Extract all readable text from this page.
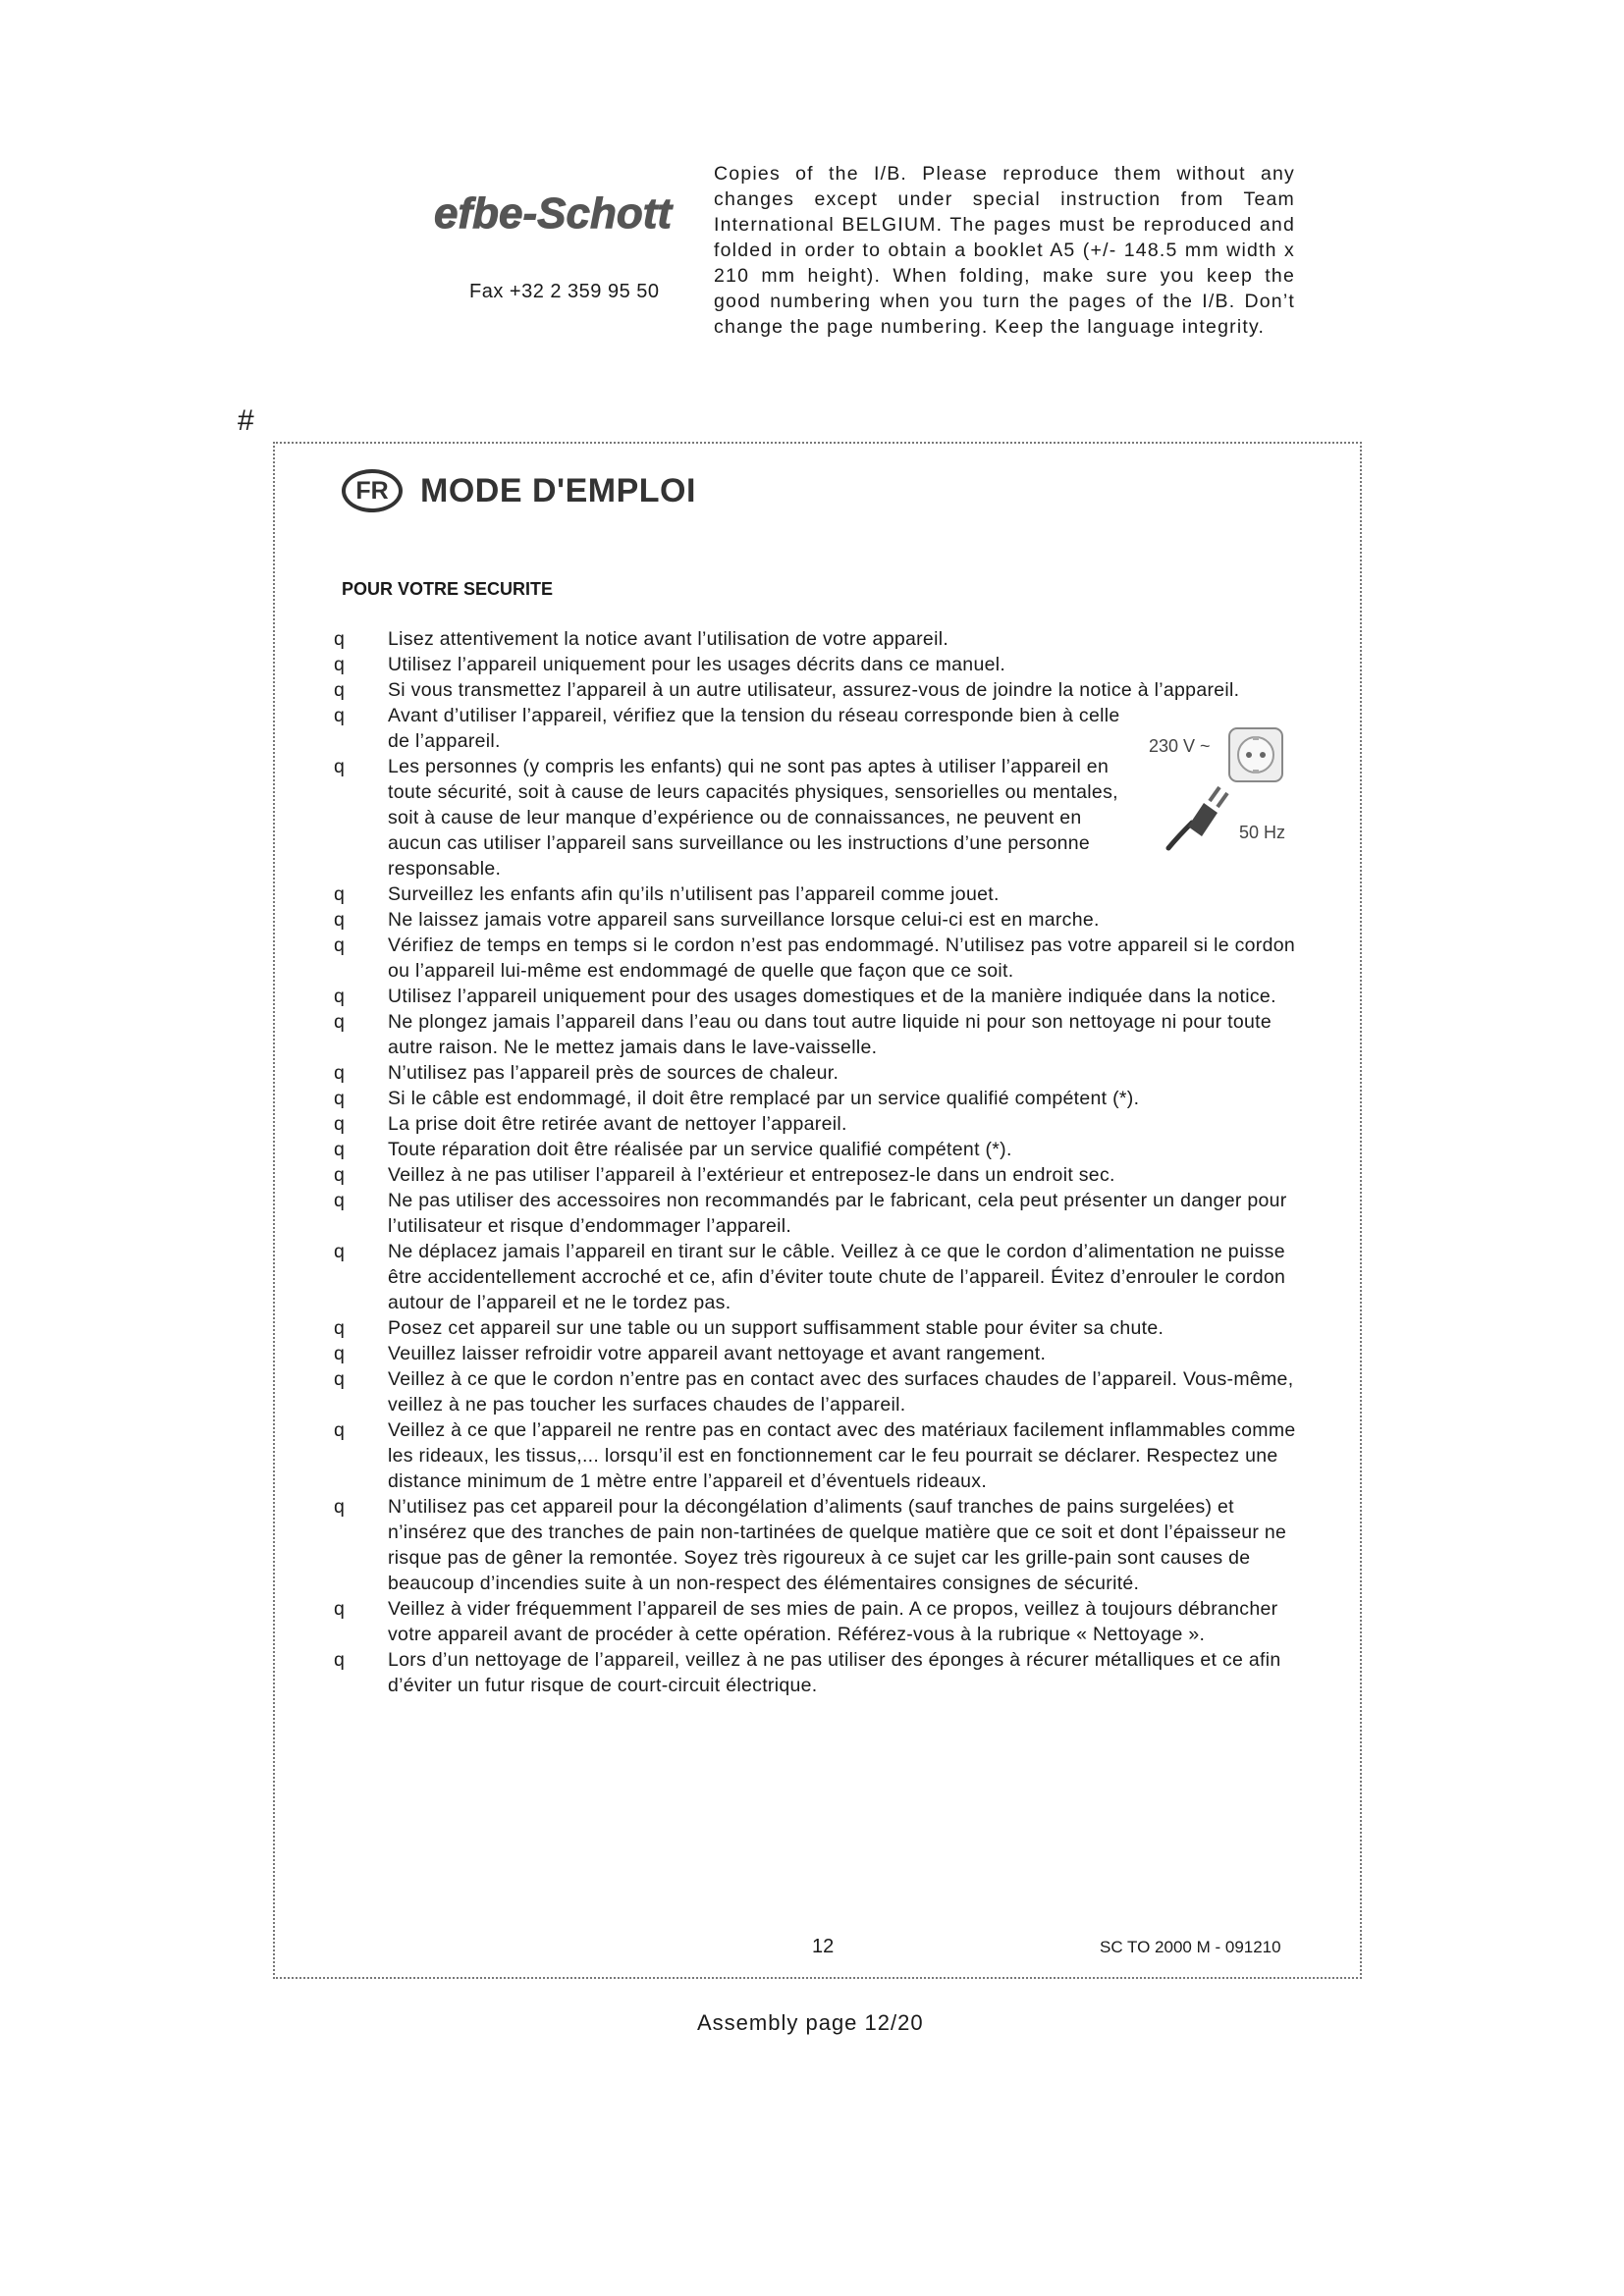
efbe-Schott
Fax +32 2 359 95 50
Copies of the I/B. Please reproduce them without any changes except under special instruction from Team International BELGIUM. The pages must be reproduced and folded in order to obtain a booklet A5 (+/- 148.5 mm width x 210 mm height). When folding, make sure you keep the good numbering when you turn the pages of the I/B. Don’t change the page numbering. Keep the language integrity.
#
FR MODE D'EMPLOI
POUR VOTRE SECURITE
q	Lisez attentivement la notice avant l’utilisation de votre appareil.
q	Utilisez l’appareil uniquement pour les usages décrits dans ce manuel.
q	Si vous transmettez l’appareil à un autre utilisateur, assurez-vous de joindre la notice à l’appareil.
q	Avant d’utiliser l’appareil, vérifiez que la tension du réseau corresponde bien à celle de l’appareil.
q	Les personnes (y compris les enfants) qui ne sont pas aptes à utiliser l’appareil en toute sécurité, soit à cause de leurs capacités physiques, sensorielles ou mentales, soit à cause de leur manque d’expérience ou de connaissances, ne peuvent en aucun cas utiliser l’appareil sans surveillance ou les instructions d’une personne responsable.
q	Surveillez les enfants afin qu’ils n’utilisent pas l’appareil comme jouet.
q	Ne laissez jamais votre appareil sans surveillance lorsque celui-ci est en marche.
q	Vérifiez de temps en temps si le cordon n’est pas endommagé. N’utilisez pas votre appareil si le cordon ou l’appareil lui-même est endommagé de quelle que façon que ce soit.
q	Utilisez l’appareil uniquement pour des usages domestiques et de la manière indiquée dans la notice.
q	Ne plongez jamais l’appareil dans l’eau ou dans tout autre liquide ni pour son nettoyage ni pour toute autre raison. Ne le mettez jamais dans le lave-vaisselle.
q	N’utilisez pas l’appareil près de sources de chaleur.
q	Si le câble est endommagé, il doit être remplacé par un service qualifié compétent (*).
q	La prise doit être retirée avant de nettoyer l’appareil.
q	Toute réparation doit être réalisée par un service qualifié compétent (*).
q	Veillez à ne pas utiliser l’appareil à l’extérieur et entreposez-le dans un endroit sec.
q	Ne pas utiliser des accessoires non recommandés par le fabricant, cela peut présenter un danger pour l’utilisateur et risque d’endommager l’appareil.
q	Ne déplacez jamais l’appareil en tirant sur le câble. Veillez à ce que le cordon d’alimentation ne puisse être accidentellement accroché et ce, afin d’éviter toute chute de l’appareil. Évitez d’enrouler le cordon autour de l’appareil et ne le tordez pas.
q	Posez cet appareil sur une table ou un support suffisamment stable pour éviter sa chute.
q	Veuillez laisser refroidir votre appareil avant nettoyage et avant rangement.
q	Veillez à ce que le cordon n’entre pas en contact avec des surfaces chaudes de l’appareil. Vous-même, veillez à ne pas toucher les surfaces chaudes de l’appareil.
q	Veillez à ce que l’appareil ne rentre pas en contact avec des matériaux facilement inflammables comme les rideaux, les tissus,... lorsqu’il est en fonctionnement car le feu pourrait se déclarer. Respectez une distance minimum de 1 mètre entre l’appareil et d’éventuels rideaux.
q	N’utilisez pas cet appareil pour la décongélation d’aliments (sauf tranches de pains surgelées) et n’insérez que des tranches de pain non-tartinées de quelque matière que ce soit et dont l’épaisseur ne risque pas de gêner la remontée. Soyez très rigoureux à ce sujet car les grille-pain sont causes de beaucoup d’incendies suite à un non-respect des élémentaires consignes de sécurité.
q	Veillez à vider fréquemment l’appareil de ses mies de pain. A ce propos, veillez à toujours débrancher votre appareil avant de procéder à cette opération. Référez-vous à la rubrique « Nettoyage ».
q	Lors d’un nettoyage de l’appareil, veillez à ne pas utiliser des éponges à récurer métalliques et ce afin d’éviter un futur risque de court-circuit électrique.
230 V ~
50 Hz
12	SC TO 2000 M - 091210
Assembly page 12/20
